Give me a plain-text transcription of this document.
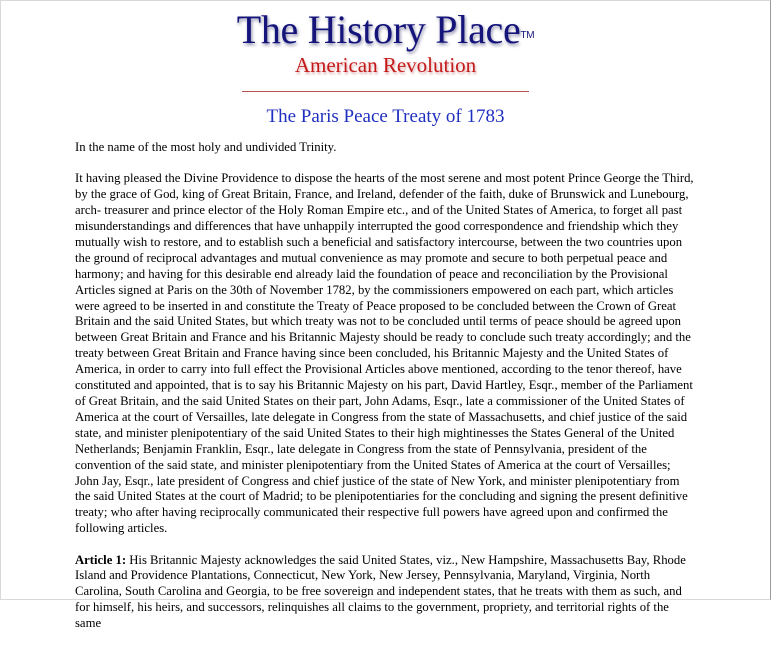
The History Place™
American Revolution
The Paris Peace Treaty of 1783

In the name of the most holy and undivided Trinity.

It having pleased the Divine Providence to dispose the hearts of the most serene and most potent Prince George the Third, by the grace of God, king of Great Britain, France, and Ireland, defender of the faith, duke of Brunswick and Lunebourg, arch- treasurer and prince elector of the Holy Roman Empire etc., and of the United States of America, to forget all past misunderstandings and differences that have unhappily interrupted the good correspondence and friendship which they mutually wish to restore, and to establish such a beneficial and satisfactory intercourse, between the two countries upon the ground of reciprocal advantages and mutual convenience as may promote and secure to both perpetual peace and harmony; and having for this desirable end already laid the foundation of peace and reconciliation by the Provisional Articles signed at Paris on the 30th of November 1782, by the commissioners empowered on each part, which articles were agreed to be inserted in and constitute the Treaty of Peace proposed to be concluded between the Crown of Great Britain and the said United States, but which treaty was not to be concluded until terms of peace should be agreed upon between Great Britain and France and his Britannic Majesty should be ready to conclude such treaty accordingly; and the treaty between Great Britain and France having since been concluded, his Britannic Majesty and the United States of America, in order to carry into full effect the Provisional Articles above mentioned, according to the tenor thereof, have constituted and appointed, that is to say his Britannic Majesty on his part, David Hartley, Esqr., member of the Parliament of Great Britain, and the said United States on their part, John Adams, Esqr., late a commissioner of the United States of America at the court of Versailles, late delegate in Congress from the state of Massachusetts, and chief justice of the said state, and minister plenipotentiary of the said United States to their high mightinesses the States General of the United Netherlands; Benjamin Franklin, Esqr., late delegate in Congress from the state of Pennsylvania, president of the convention of the said state, and minister plenipotentiary from the United States of America at the court of Versailles; John Jay, Esqr., late president of Congress and chief justice of the state of New York, and minister plenipotentiary from the said United States at the court of Madrid; to be plenipotentiaries for the concluding and signing the present definitive treaty; who after having reciprocally communicated their respective full powers have agreed upon and confirmed the following articles.

Article 1: His Britannic Majesty acknowledges the said United States, viz., New Hampshire, Massachusetts Bay, Rhode Island and Providence Plantations, Connecticut, New York, New Jersey, Pennsylvania, Maryland, Virginia, North Carolina, South Carolina and Georgia, to be free sovereign and independent states, that he treats with them as such, and for himself, his heirs, and successors, relinquishes all claims to the government, propriety, and territorial rights of the same
